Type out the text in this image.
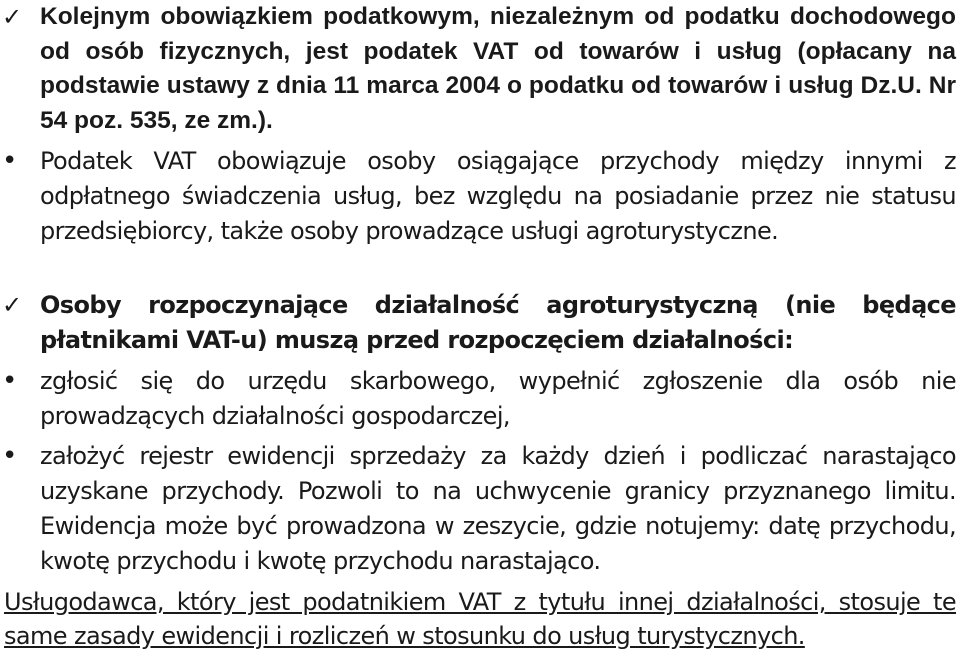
✓ Kolejnym obowiązkiem podatkowym, niezależnym od podatku dochodowego od osób fizycznych, jest podatek VAT od towarów i usług (opłacany na podstawie ustawy z dnia 11 marca 2004 o podatku od towarów i usług Dz.U. Nr 54 poz. 535, ze zm.).
• Podatek VAT obowiązuje osoby osiągające przychody między innymi z odpłatnego świadczenia usług, bez względu na posiadanie przez nie statusu przedsiębiorcy, także osoby prowadzące usługi agroturystyczne.
✓ Osoby rozpoczynające działalność agroturystyczną (nie będące płatnikami VAT-u) muszą przed rozpoczęciem działalności:
• zgłosić się do urzędu skarbowego, wypełnić zgłoszenie dla osób nie prowadzących działalności gospodarczej,
• założyć rejestr ewidencji sprzedaży za każdy dzień i podliczać narastająco uzyskane przychody. Pozwoli to na uchwycenie granicy przyznanego limitu. Ewidencja może być prowadzona w zeszycie, gdzie notujemy: datę przychodu, kwotę przychodu i kwotę przychodu narastająco.
Usługodawca, który jest podatnikiem VAT z tytułu innej działalności, stosuje te same zasady ewidencji i rozliczeń w stosunku do usług turystycznych.
